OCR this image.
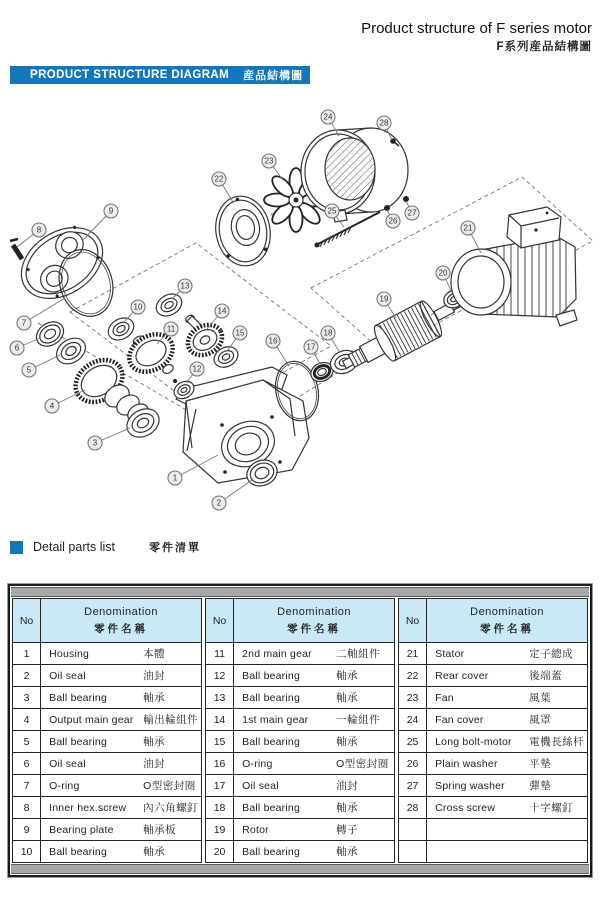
Product structure of F series motor
F系列産品結構圖
PRODUCT STRUCTURE DIAGRAM 産品結構圖
1
2
3
4
5
6
7
8
9
10
11
12
13
14
15
16
17
18
19
20
21
22
23
24
25
26
27
28
Detail parts list	零件清單
No	Denomination
零件名稱

1	Housing 本體
2	Oil seal 油封
3	Ball bearing 軸承
4	Output main gear 輸出輪組件
5	Ball bearing 軸承
6	Oil seal 油封
7	O-ring O型密封圈
8	Inner hex.screw 內六角螺釘
9	Bearing plate 軸承板
10	Ball bearing 軸承
No	Denomination
零件名稱

11	2nd main gear 二軸組件
12	Ball bearing 軸承
13	Ball bearing 軸承
14	1st main gear 一輪組件
15	Ball bearing 軸承
16	O-ring O型密封圈
17	Oil seal 油封
18	Ball bearing 軸承
19	Rotor 轉子
20	Ball bearing 軸承
No	Denomination
零件名稱

21	Stator 定子總成
22	Rear cover 後端蓋
23	Fan 風葉
24	Fan cover 風罩
25	Long bolt-motor 電機長絲杆
26	Plain washer 平墊
27	Spring washer 彈墊
28	Cross screw 十字螺釘
